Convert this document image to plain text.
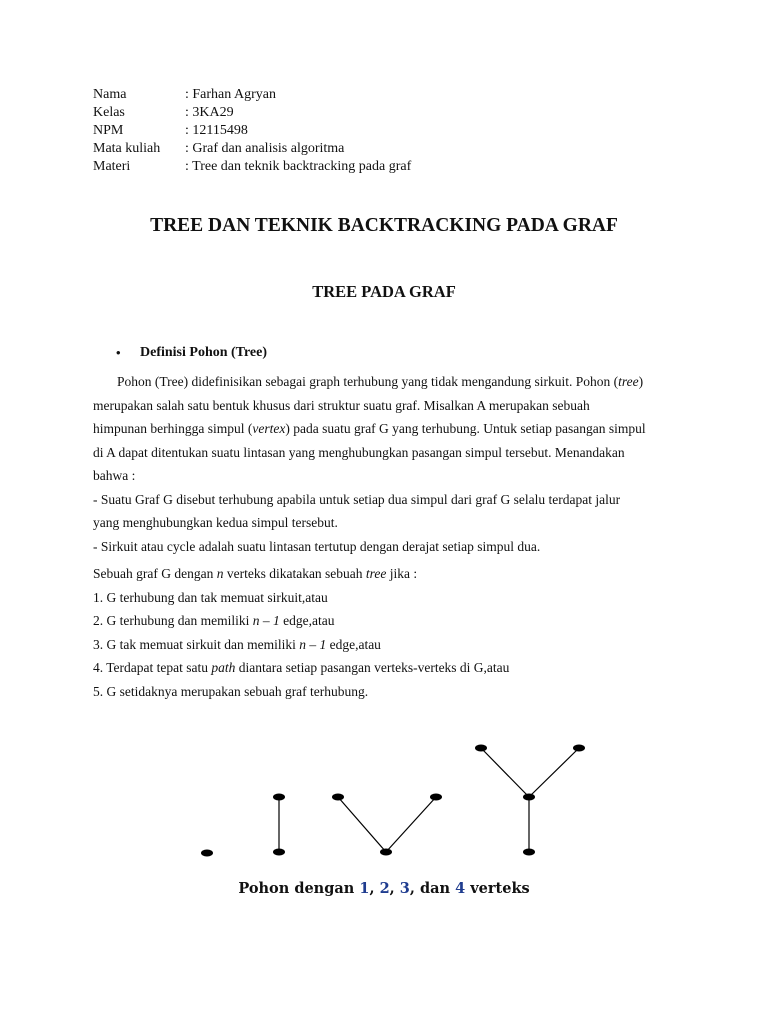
Nama	: Farhan Agryan
Kelas	: 3KA29
NPM	: 12115498
Mata kuliah	: Graf dan analisis algoritma
Materi	: Tree dan teknik backtracking pada graf
TREE DAN TEKNIK BACKTRACKING PADA GRAF
TREE PADA GRAF
•	Definisi Pohon (Tree)
Pohon (Tree) didefinisikan sebagai graph terhubung yang tidak mengandung sirkuit. Pohon (tree)
merupakan salah satu bentuk khusus dari struktur suatu graf. Misalkan A merupakan sebuah
himpunan berhingga simpul (vertex) pada suatu graf G yang terhubung. Untuk setiap pasangan simpul
di A dapat ditentukan suatu lintasan yang menghubungkan pasangan simpul tersebut. Menandakan
bahwa :
- Suatu Graf G disebut terhubung apabila untuk setiap dua simpul dari graf G selalu terdapat jalur
yang menghubungkan kedua simpul tersebut.
- Sirkuit atau cycle adalah suatu lintasan tertutup dengan derajat setiap simpul dua.
Sebuah graf G dengan n verteks dikatakan sebuah tree jika :
1. G terhubung dan tak memuat sirkuit,atau
2. G terhubung dan memiliki n – 1 edge,atau
3. G tak memuat sirkuit dan memiliki n – 1 edge,atau
4. Terdapat tepat satu path diantara setiap pasangan verteks-verteks di G,atau
5. G setidaknya merupakan sebuah graf terhubung.
Pohon dengan 1, 2, 3, dan 4 verteks
